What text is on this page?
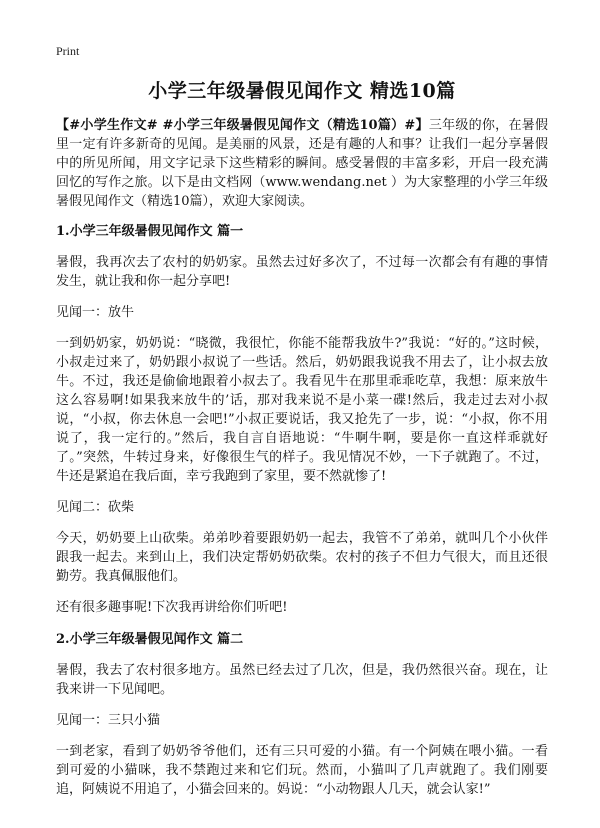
Print
小学三年级暑假见闻作文 精选10篇
【#小学生作文# #小学三年级暑假见闻作文（精选10篇）#】三年级的你，在暑假里一定有许多新奇的见闻。是美丽的风景，还是有趣的人和事？让我们一起分享暑假中的所见所闻，用文字记录下这些精彩的瞬间。感受暑假的丰富多彩，开启一段充满回忆的写作之旅。以下是由文档网（www.wendang.net ）为大家整理的小学三年级暑假见闻作文（精选10篇），欢迎大家阅读。
1.小学三年级暑假见闻作文 篇一

暑假，我再次去了农村的奶奶家。虽然去过好多次了，不过每一次都会有有趣的事情发生，就让我和你一起分享吧!

见闻一：放牛

一到奶奶家，奶奶说：“晓微，我很忙，你能不能帮我放牛?”我说：“好的。”这时候，小叔走过来了，奶奶跟小叔说了一些话。然后，奶奶跟我说我不用去了，让小叔去放牛。不过，我还是偷偷地跟着小叔去了。我看见牛在那里乖乖吃草，我想：原来放牛这么容易啊!如果我来放牛的’话，那对我来说不是小菜一碟!然后，我走过去对小叔说，“小叔，你去休息一会吧!”小叔正要说话，我又抢先了一步，说：“小叔，你不用说了，我一定行的。”然后，我自言自语地说：“牛啊牛啊，要是你一直这样乖就好了。”突然，牛转过身来，好像很生气的样子。我见情况不妙，一下子就跑了。不过，牛还是紧追在我后面，幸亏我跑到了家里，要不然就惨了!

见闻二：砍柴

今天，奶奶要上山砍柴。弟弟吵着要跟奶奶一起去，我管不了弟弟，就叫几个小伙伴跟我一起去。来到山上，我们决定帮奶奶砍柴。农村的孩子不但力气很大，而且还很勤劳。我真佩服他们。

还有很多趣事呢!下次我再讲给你们听吧!

2.小学三年级暑假见闻作文 篇二

暑假，我去了农村很多地方。虽然已经去过了几次，但是，我仍然很兴奋。现在，让我来讲一下见闻吧。

见闻一：三只小猫

一到老家，看到了奶奶爷爷他们，还有三只可爱的小猫。有一个阿姨在喂小猫。一看到可爱的小猫咪，我不禁跑过来和它们玩。然而，小猫叫了几声就跑了。我们刚要追，阿姨说不用追了，小猫会回来的。妈说：“小动物跟人几天，就会认家!”
